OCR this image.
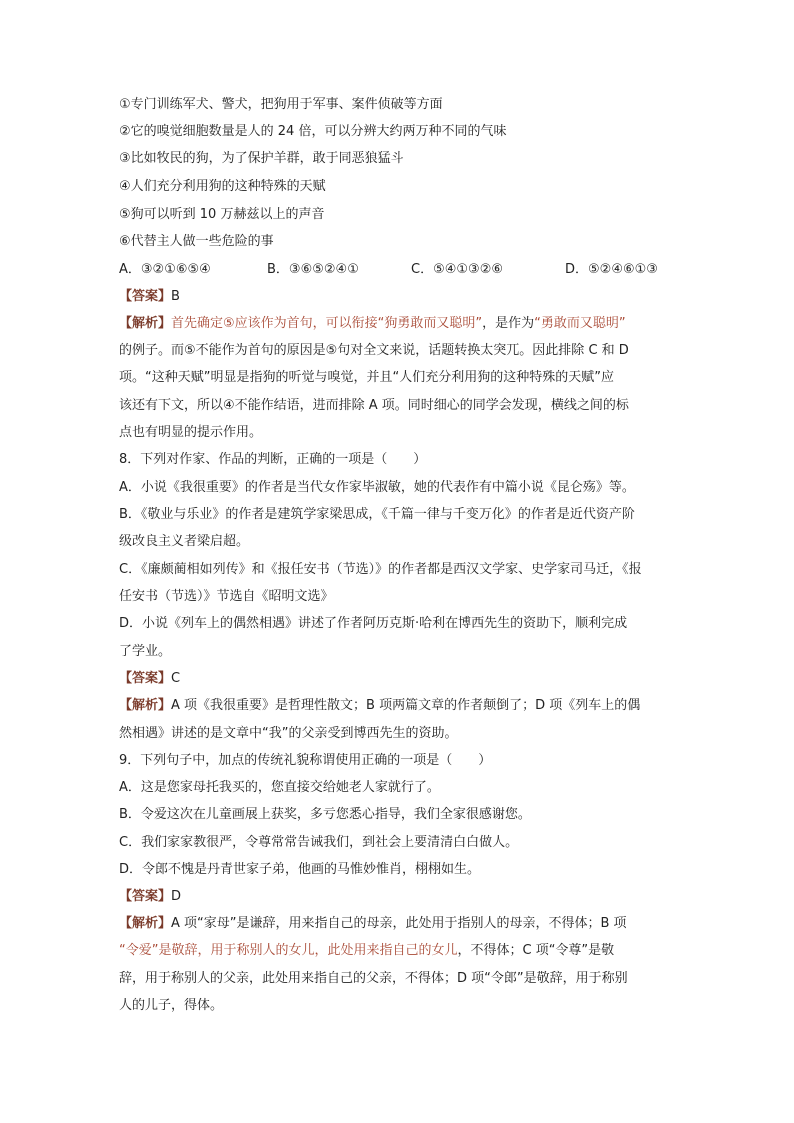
①专门训练军犬、警犬，把狗用于军事、案件侦破等方面
②它的嗅觉细胞数量是人的 24 倍，可以分辨大约两万种不同的气味
③比如牧民的狗，为了保护羊群，敢于同恶狼猛斗
④人们充分利用狗的这种特殊的天赋
⑤狗可以听到 10 万赫兹以上的声音
⑥代替主人做一些危险的事
A．③②①⑥⑤④	B．③⑥⑤②④①	C．⑤④①③②⑥	D．⑤②④⑥①③
【答案】B
【解析】首先确定⑤应该作为首句，可以衔接“狗勇敢而又聪明”，是作为“勇敢而又聪明”
的例子。而⑤不能作为首句的原因是⑤句对全文来说，话题转换太突兀。因此排除 C 和 D
项。“这种天赋”明显是指狗的听觉与嗅觉，并且“人们充分利用狗的这种特殊的天赋”应
该还有下文，所以④不能作结语，进而排除 A 项。同时细心的同学会发现，横线之间的标
点也有明显的提示作用。
8．下列对作家、作品的判断，正确的一项是（　　）
A．小说《我很重要》的作者是当代女作家毕淑敏，她的代表作有中篇小说《昆仑殇》等。
B．《敬业与乐业》的作者是建筑学家梁思成，《千篇一律与千变万化》的作者是近代资产阶
级改良主义者梁启超。
C．《廉颇蔺相如列传》和《报任安书（节选）》的作者都是西汉文学家、史学家司马迁，《报
任安书（节选）》节选自《昭明文选》
D．小说《列车上的偶然相遇》讲述了作者阿历克斯·哈利在博西先生的资助下，顺利完成
了学业。
【答案】C
【解析】A 项《我很重要》是哲理性散文；B 项两篇文章的作者颠倒了；D 项《列车上的偶
然相遇》讲述的是文章中“我”的父亲受到博西先生的资助。
9．下列句子中，加点的传统礼貌称谓使用正确的一项是（　　）
A．这是您家母托我买的，您直接交给她老人家就行了。
B．令爱这次在儿童画展上获奖，多亏您悉心指导，我们全家很感谢您。
C．我们家家教很严，令尊常常告诫我们，到社会上要清清白白做人。
D．令郎不愧是丹青世家子弟，他画的马惟妙惟肖，栩栩如生。
【答案】D
【解析】A 项“家母”是谦辞，用来指自己的母亲，此处用于指别人的母亲，不得体；B 项
“令爱”是敬辞，用于称别人的女儿，此处用来指自己的女儿，不得体；C 项“令尊”是敬
辞，用于称别人的父亲，此处用来指自己的父亲，不得体；D 项“令郎”是敬辞，用于称别
人的儿子，得体。
